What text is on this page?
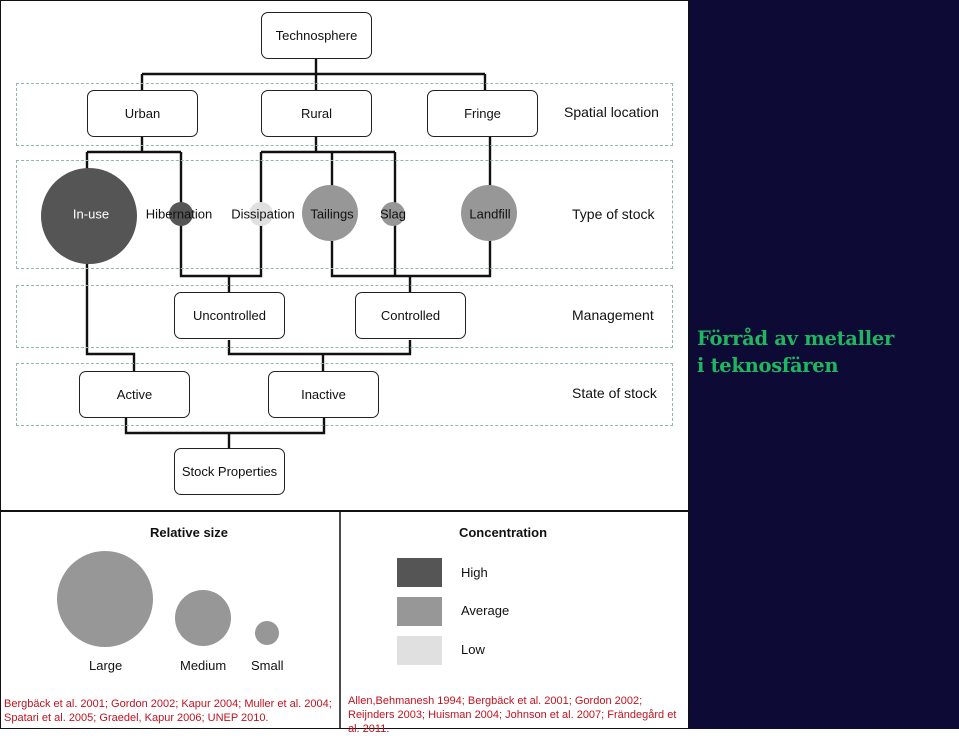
Technosphere
Urban	Rural	Fringe
Uncontrolled	Controlled
Active	Inactive
Stock Properties
In-use	Hibernation Dissipation Tailings Slag	Landfill
Spatial location
Type of stock
Management
State of stock
Relative size
Large	Medium Small
Bergbäck et al. 2001; Gordon 2002; Kapur 2004; Muller et al. 2004; Spatari et al. 2005; Graedel, Kapur 2006; UNEP 2010.
Concentration
High
Average
Low
Allen,Behmanesh 1994; Bergbäck et al. 2001; Gordon 2002; Reijnders 2003; Huisman 2004; Johnson et al. 2007; Frändegård et al. 2011.
Förråd av metaller
i teknosfären
